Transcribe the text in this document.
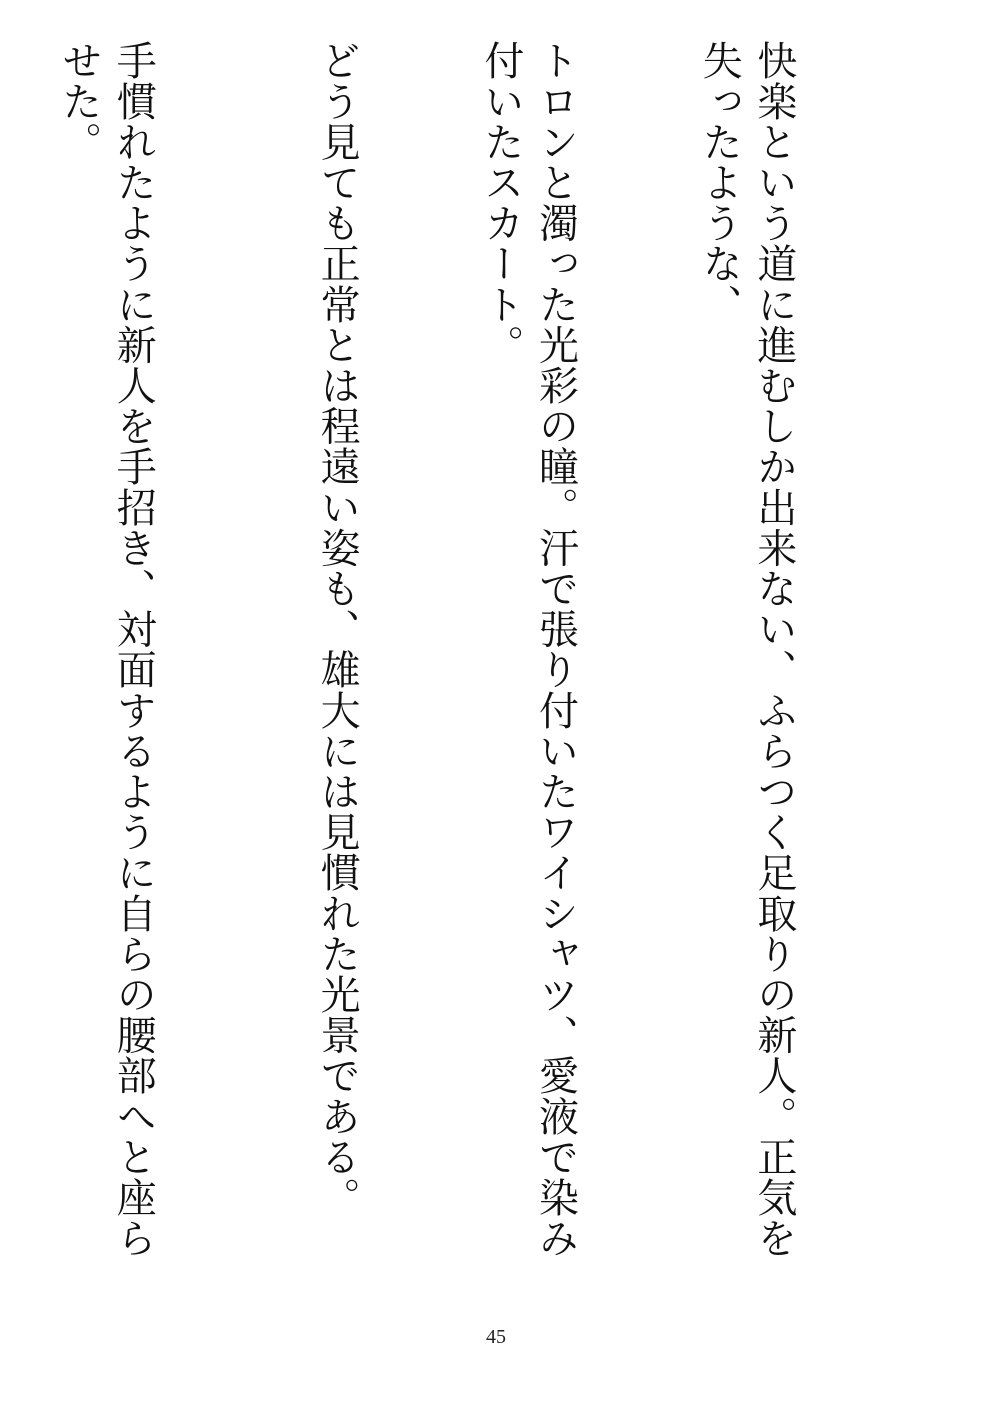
快楽という道に進むしか出来ない、ふらつく足取りの新人。正気を失ったような、

トロンと濁った光彩の瞳。汗で張り付いたワイシャツ、愛液で染み付いたスカート。

どう見ても正常とは程遠い姿も、雄大には見慣れた光景である。

手慣れたように新人を手招き、対面するように自らの腰部へと座らせた。

45
